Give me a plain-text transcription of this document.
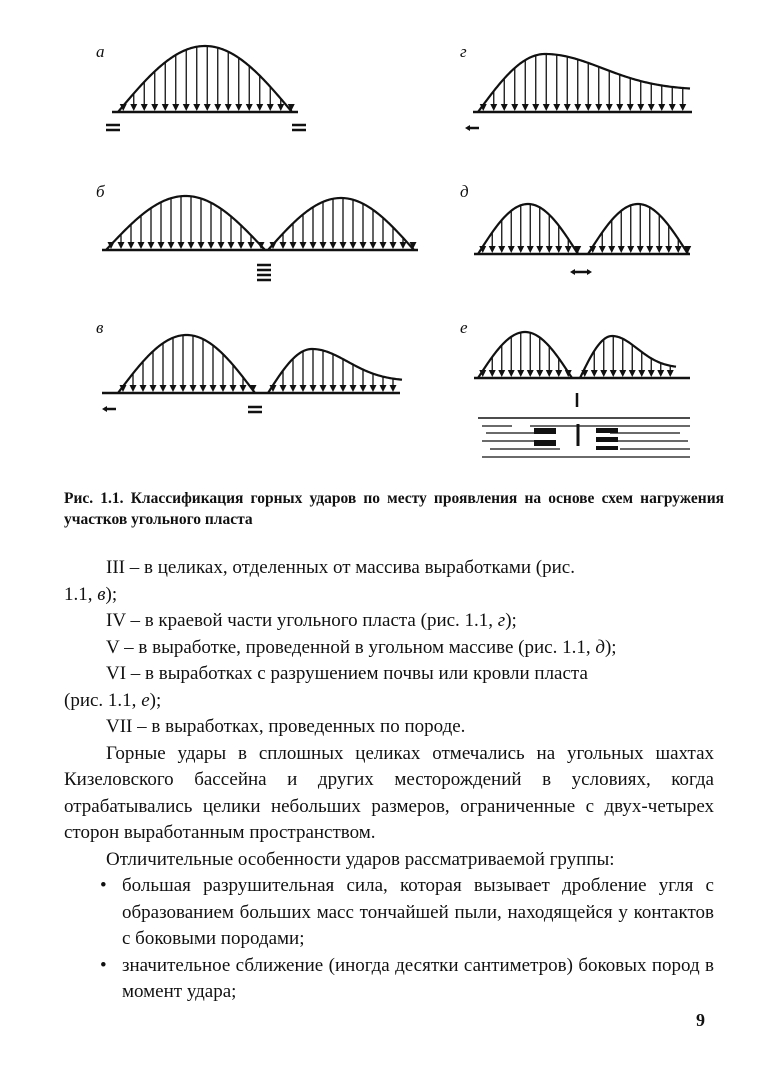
а	г
б	д
в	е
Рис. 1.1. Классификация горных ударов по месту проявления на основе схем нагружения участков угольного пласта

III – в целиках, отделенных от массива выработками (рис.
1.1, в);

IV – в краевой части угольного пласта (рис. 1.1, г);

V – в выработке, проведенной в угольном массиве (рис. 1.1, д);

VI – в выработках с разрушением почвы или кровли пласта
(рис. 1.1, е);

VII – в выработках, проведенных по породе.

Горные удары в сплошных целиках отмечались на угольных шахтах Кизеловского бассейна и других месторождений в условиях, когда отрабатывались целики небольших размеров, ограниченные с двух-четырех сторон выработанным пространством.

Отличительные особенности ударов рассматриваемой группы:

• большая разрушительная сила, которая вызывает дробление угля с образованием больших масс тончайшей пыли, находящейся у контактов с боковыми породами;

• значительное сближение (иногда десятки сантиметров) боковых пород в момент удара;

9
